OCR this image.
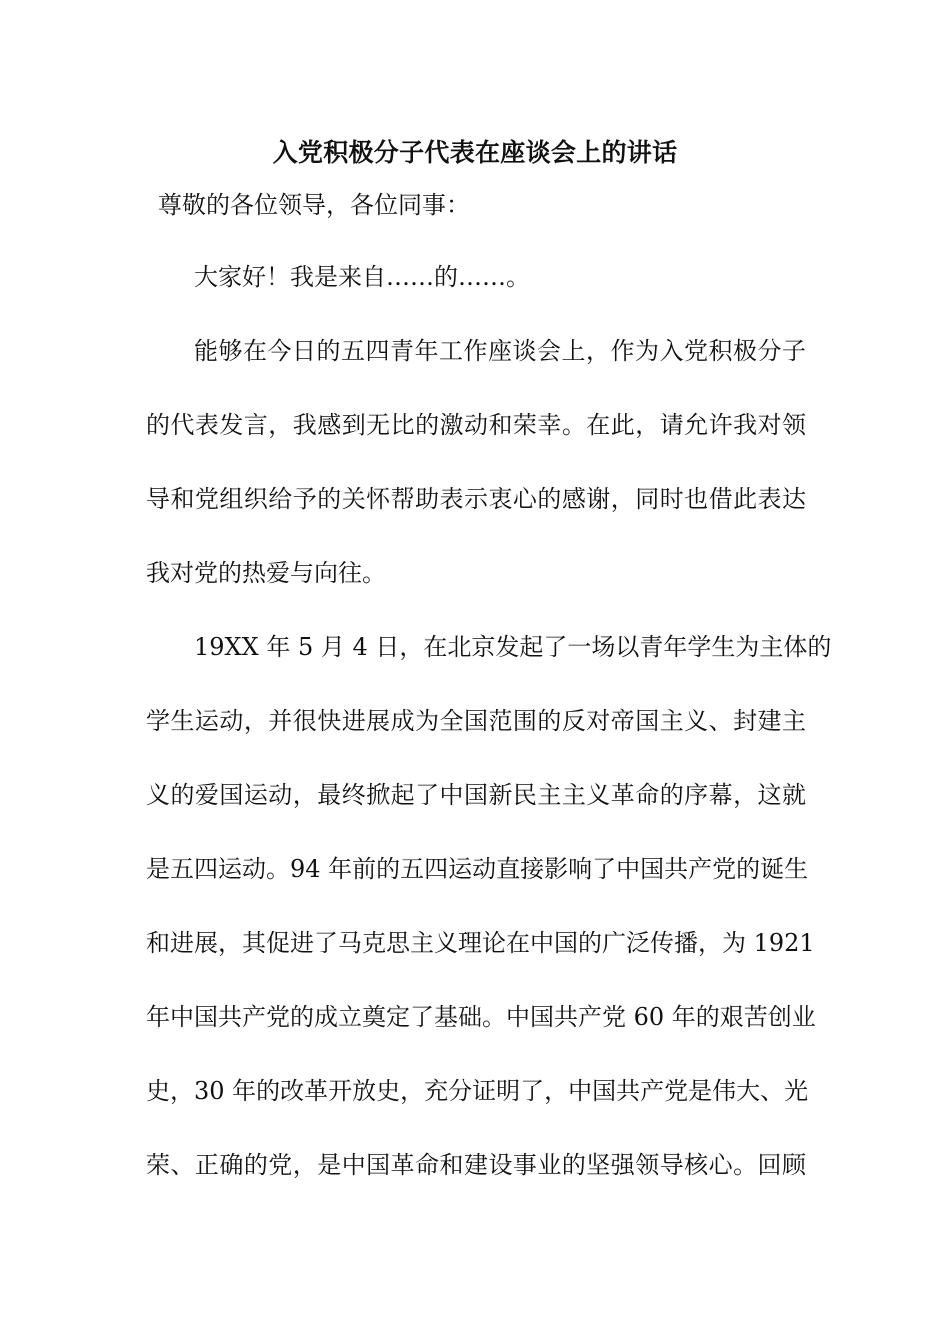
入党积极分子代表在座谈会上的讲话
尊敬的各位领导，各位同事：
大家好！我是来自……的……。
能够在今日的五四青年工作座谈会上，作为入党积极分子
的代表发言，我感到无比的激动和荣幸。在此，请允许我对领
导和党组织给予的关怀帮助表示衷心的感谢，同时也借此表达
我对党的热爱与向往。
19XX 年 5 月 4 日，在北京发起了一场以青年学生为主体的
学生运动，并很快进展成为全国范围的反对帝国主义、封建主
义的爱国运动，最终掀起了中国新民主主义革命的序幕，这就
是五四运动。94 年前的五四运动直接影响了中国共产党的诞生
和进展，其促进了马克思主义理论在中国的广泛传播，为 1921
年中国共产党的成立奠定了基础。中国共产党 60 年的艰苦创业
史，30 年的改革开放史，充分证明了，中国共产党是伟大、光
荣、正确的党，是中国革命和建设事业的坚强领导核心。回顾
